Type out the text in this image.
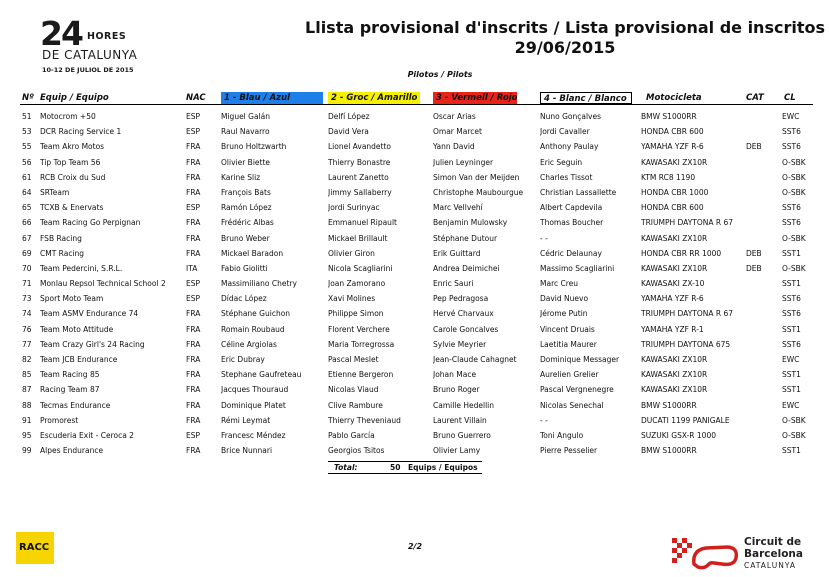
24 HORES
DE CATALUNYA
10-12 DE JULIOL DE 2015
Llista provisional d'inscrits / Lista provisional de inscritos
29/06/2015
Pilotos / Pilots
Nº Equip / Equipo	NAC	1 - Blau / Azul	2 - Groc / Amarillo	3 - Vermell / Rojo	4 - Blanc / Blanco	Motocicleta	CAT CL
51	Motocrom +50	ESP	Miguel Galán	Delfí López	Oscar Arias	Nuno Gonçalves	BMW S1000RR	EWC
53	DCR Racing Service 1	ESP	Raul Navarro	David Vera	Omar Marcet	Jordi Cavaller	HONDA CBR 600	SST6
55	Team Akro Motos	FRA	Bruno Holtzwarth	Lionel Avandetto	Yann David	Anthony Paulay	YAMAHA YZF R-6	DEB	SST6
56	Tip Top Team 56	FRA	Olivier Biette	Thierry Bonastre	Julien Leyninger	Eric Seguin	KAWASAKI ZX10R	O-SBK
61	RCB Croix du Sud	FRA	Karine Sliz	Laurent Zanetto	Simon Van der Meijden	Charles Tissot	KTM RC8 1190	O-SBK
64	SRTeam	FRA	François Bats	Jimmy Sallaberry	Christophe Maubourgue	Christian Lassallette	HONDA CBR 1000	O-SBK
65	TCXB & Enervats	ESP	Ramón López	Jordi Surinyac	Marc Vellvehí	Albert Capdevila	HONDA CBR 600	SST6
66	Team Racing Go Perpignan	FRA	Frédéric Albas	Emmanuel Ripault	Benjamin Mulowsky	Thomas Boucher	TRIUMPH DAYTONA R 67	SST6
67	FSB Racing	FRA	Bruno Weber	Mickael Brillault	Stéphane Dutour	- -	KAWASAKI ZX10R	O-SBK
69	CMT Racing	FRA	Mickael Baradon	Olivier Giron	Erik Guittard	Cédric Delaunay	HONDA CBR RR 1000	DEB	SST1
70	Team Pedercini, S.R.L.	ITA	Fabio Giolitti	Nicola Scagliarini	Andrea Deimichei	Massimo Scagliarini	KAWASAKI ZX10R	DEB	O-SBK
71	Monlau Repsol Technical School 2	ESP	Massimiliano Chetry	Joan Zamorano	Enric Sauri	Marc Creu	KAWASAKI ZX-10	SST1
73	Sport Moto Team	ESP	Dídac López	Xavi Molines	Pep Pedragosa	David Nuevo	YAMAHA YZF R-6	SST6
74	Team ASMV Endurance 74	FRA	Stéphane Guichon	Philippe Simon	Hervé Charvaux	Jérome Putin	TRIUMPH DAYTONA R 67	SST6
76	Team Moto Attitude	FRA	Romain Roubaud	Florent Verchere	Carole Goncalves	Vincent Druais	YAMAHA YZF R-1	SST1
77	Team Crazy Girl's 24 Racing	FRA	Céline Argiolas	Maria Torregrossa	Sylvie Meyrier	Laetitia Maurer	TRIUMPH DAYTONA 675	SST6
82	Team JCB Endurance	FRA	Eric Dubray	Pascal Meslet	Jean-Claude Cahagnet	Dominique Messager	KAWASAKI ZX10R	EWC
85	Team Racing 85	FRA	Stephane Gaufreteau	Etienne Bergeron	Johan Mace	Aurelien Grelier	KAWASAKI ZX10R	SST1
87	Racing Team 87	FRA	Jacques Thouraud	Nicolas Viaud	Bruno Roger	Pascal Vergnenegre	KAWASAKI ZX10R	SST1
88	Tecmas Endurance	FRA	Dominique Platet	Clive Rambure	Camille Hedellin	Nicolas Senechal	BMW S1000RR	EWC
91	Promorest	FRA	Rémi Leymat	Thierry Theveniaud	Laurent Villain	- -	DUCATI 1199 PANIGALE	O-SBK
95	Escuderia Exit - Ceroca 2	ESP	Francesc Méndez	Pablo García	Bruno Guerrero	Toni Angulo	SUZUKI GSX-R 1000	O-SBK
99	Alpes Endurance	FRA	Brice Nunnari	Georgios Tsitos	Olivier Lamy	Pierre Pesselier	BMW S1000RR	SST1
Total:	50 Equips / Equipos
RACC	2/2	Circuit de
Barcelona
CATALUNYA
